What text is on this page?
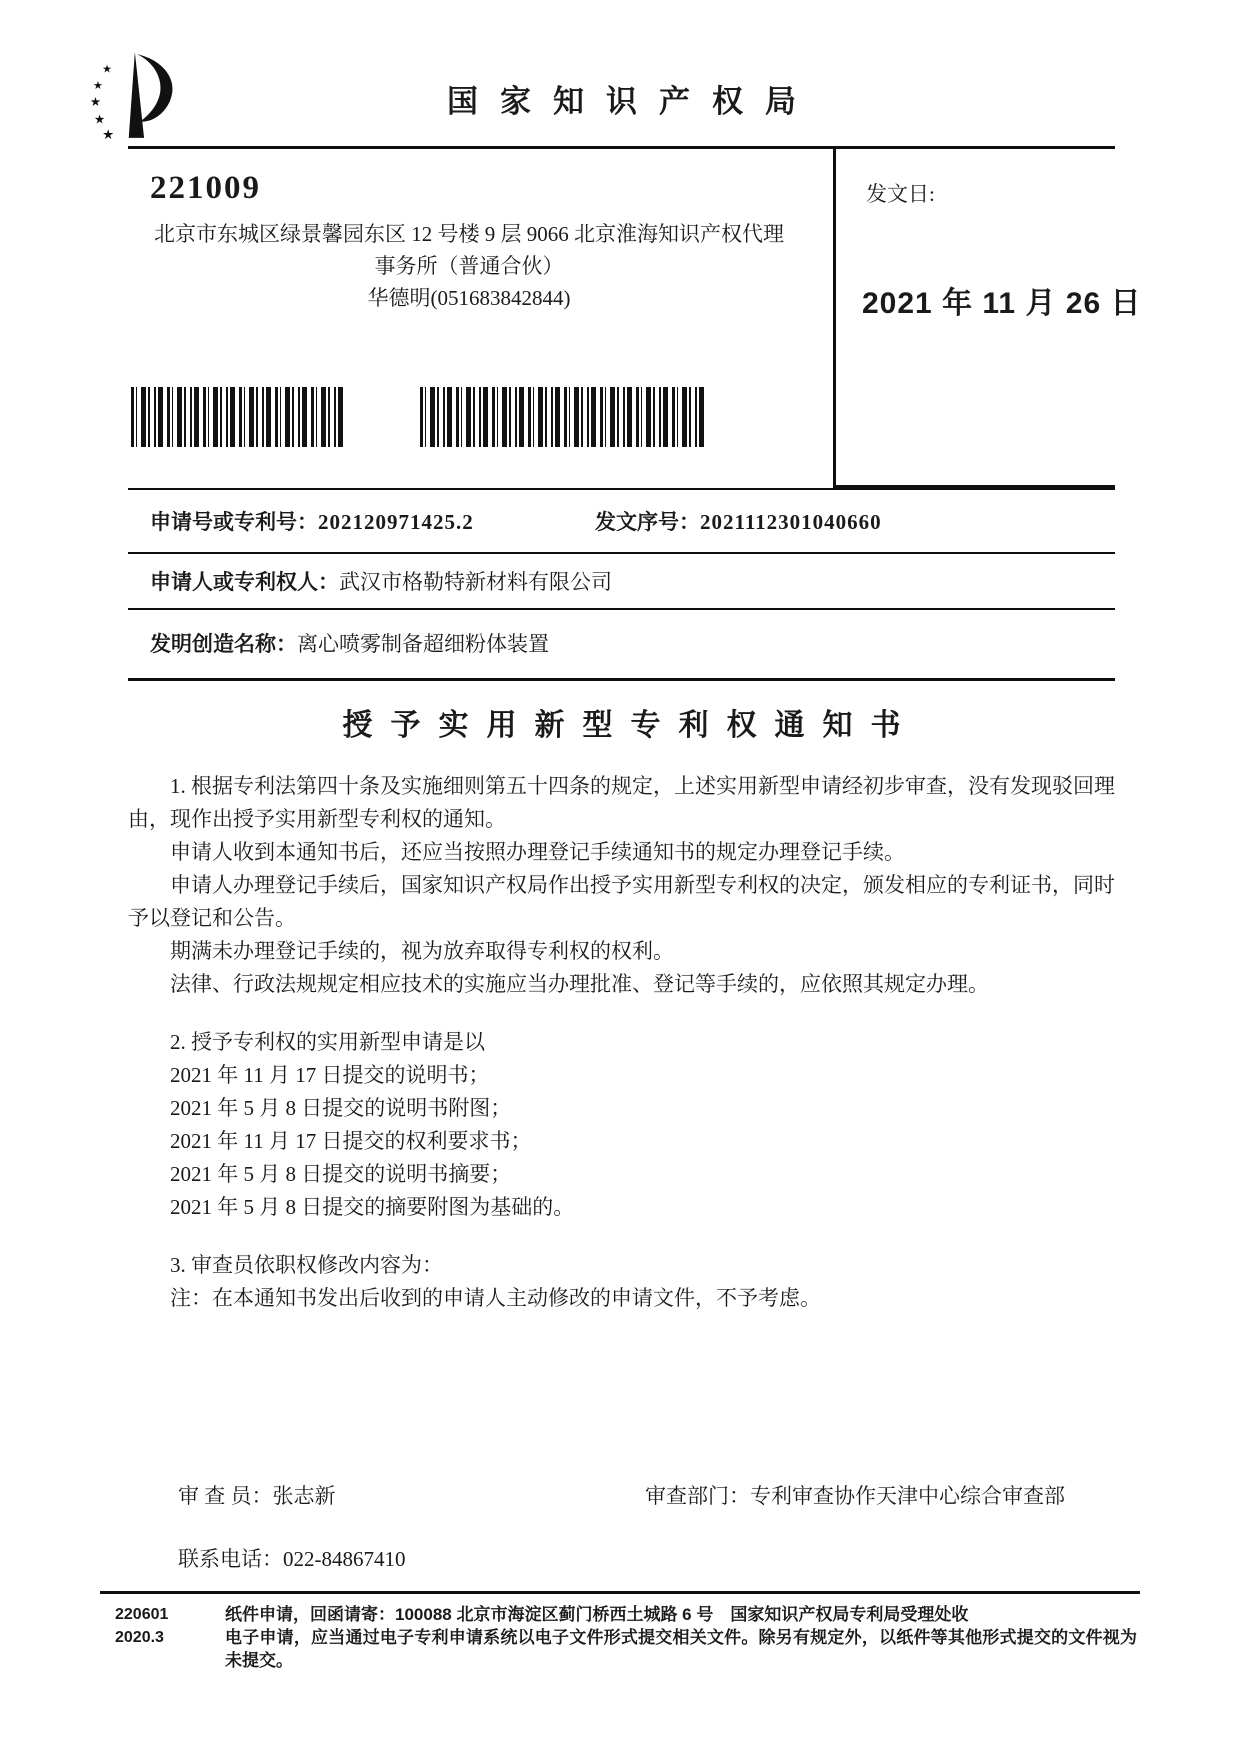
★
★
★
★
★
国家知识产权局
221009
北京市东城区绿景馨园东区 12 号楼 9 层 9066 北京淮海知识产权代理
事务所（普通合伙）
华德明(051683842844)
发文日:
2021 年 11 月 26 日
申请号或专利号：202120971425.2	发文序号：2021112301040660
申请人或专利权人：武汉市格勒特新材料有限公司
发明创造名称：离心喷雾制备超细粉体装置
授予实用新型专利权通知书

1. 根据专利法第四十条及实施细则第五十四条的规定，上述实用新型申请经初步审查，没有发现驳回理由，现作出授予实用新型专利权的通知。

申请人收到本通知书后，还应当按照办理登记手续通知书的规定办理登记手续。

申请人办理登记手续后，国家知识产权局作出授予实用新型专利权的决定，颁发相应的专利证书，同时予以登记和公告。

期满未办理登记手续的，视为放弃取得专利权的权利。

法律、行政法规规定相应技术的实施应当办理批准、登记等手续的，应依照其规定办理。

2. 授予专利权的实用新型申请是以

2021 年 11 月 17 日提交的说明书；

2021 年 5 月 8 日提交的说明书附图；

2021 年 11 月 17 日提交的权利要求书；

2021 年 5 月 8 日提交的说明书摘要；

2021 年 5 月 8 日提交的摘要附图为基础的。

3. 审查员依职权修改内容为：

注：在本通知书发出后收到的申请人主动修改的申请文件，不予考虑。

审 查 员：张志新	审查部门：专利审查协作天津中心综合审查部
联系电话：022-84867410
220601
2020.3

纸件申请，回函请寄：100088 北京市海淀区蓟门桥西土城路 6 号　国家知识产权局专利局受理处收

电子申请，应当通过电子专利申请系统以电子文件形式提交相关文件。除另有规定外，以纸件等其他形式提交的文件视为未提交。
